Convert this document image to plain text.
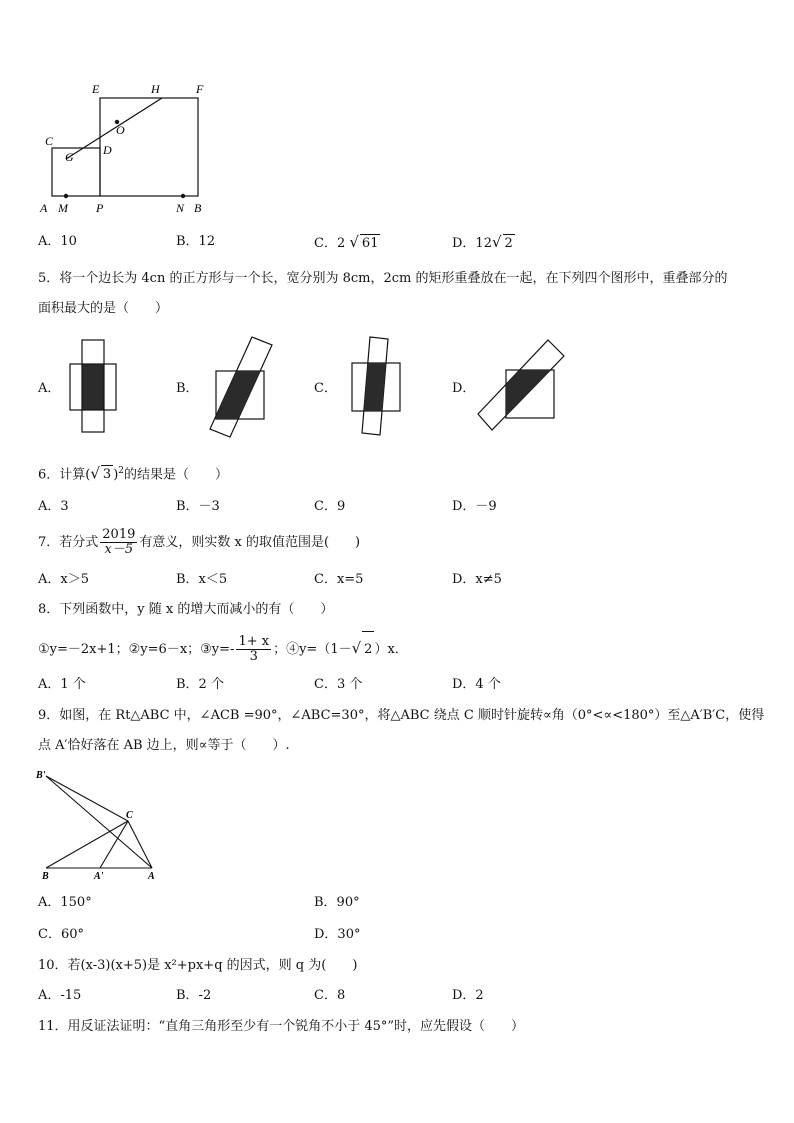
E	H	F
C
O
G D
A M P	N B
A．10	B．12	C．2 √ 61	D．12√ 2
5．将一个边长为 4cn 的正方形与一个长，宽分别为 8cm，2cm 的矩形重叠放在一起，在下列四个图形中，重叠部分的
面积最大的是（　　）
A．	B．	C．	D．
6．计算(√ 3 )$^2$的结果是（　　）
A．3	B．－3	C．9	D．－9
7．若分式 $\frac{2019}{x-5}$ 有意义，则实数 x 的取值范围是(　　)
A．x＞5	B．x＜5	C．x=5	D．x≠5
8．下列函数中，y 随 x 的增大而减小的有（　　）
①y=－2x+1；②y=6－x；③y=- $\frac{1+ x}{3}$ ；④y=（1－√ 2 ）x．
A．1 个	B．2 个	C．3 个	D．4 个
9．如图，在 Rt△ABC 中，∠ACB =90°，∠ABC=30°，将△ABC 绕点 C 顺时针旋转∝角（0°<∝<180°）至△A′B′C，使得
点 A′恰好落在 AB 边上，则∝等于（　　）.
B'
C
B	A'	A
A．150°	B．90°
C．60°	D．30°
10．若(x-3)(x+5)是 x²+px+q 的因式，则 q 为(　　)
A．-15	B．-2	C．8	D．2
11．用反证法证明：“直角三角形至少有一个锐角不小于 45°”时，应先假设（　　）
